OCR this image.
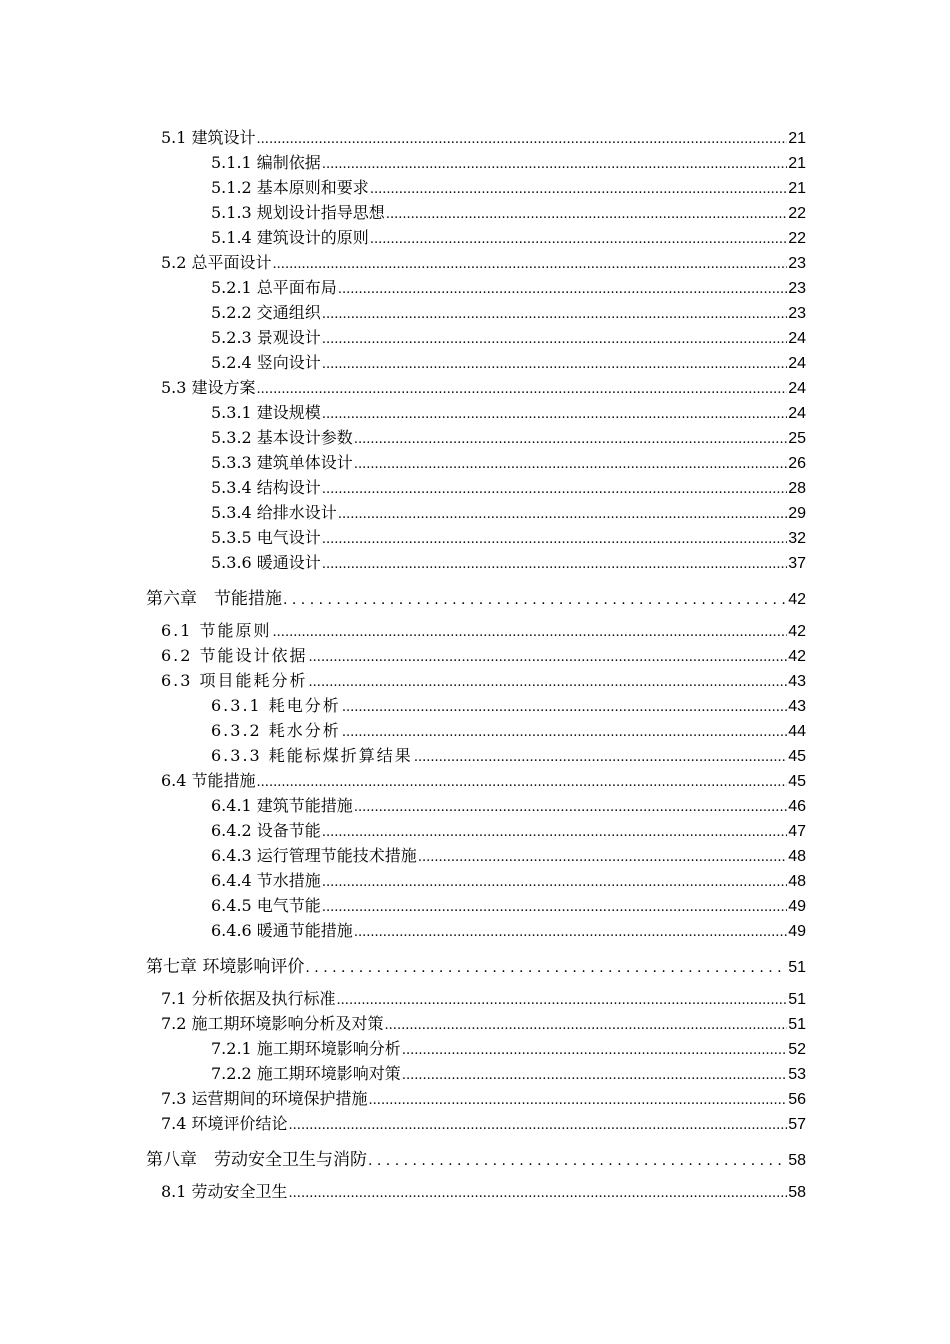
5.1 建筑设计 .....	21
5.1.1 编制依据 .....	21
5.1.2 基本原则和要求 .....	21
5.1.3 规划设计指导思想 .....	22
5.1.4 建筑设计的原则 .....	22
5.2 总平面设计 .....	23
5.2.1 总平面布局 .....	23
5.2.2 交通组织 .....	23
5.2.3 景观设计 .....	24
5.2.4 竖向设计 .....	24
5.3 建设方案 .....	24
5.3.1 建设规模 .....	24
5.3.2 基本设计参数 .....	25
5.3.3 建筑单体设计 .....	26
5.3.4 结构设计 .....	28
5.3.4 给排水设计 .....	29
5.3.5 电气设计 .....	32
5.3.6 暖通设计 .....	37
第六章　节能措施 . . .	42
6.1 节能原则 .....	42
6.2 节能设计依据 .....	42
6.3 项目能耗分析 .....	43
6.3.1 耗电分析 .....	43
6.3.2 耗水分析 .....	44
6.3.3 耗能标煤折算结果 .....	45
6.4 节能措施 .....	45
6.4.1 建筑节能措施 .....	46
6.4.2 设备节能 .....	47
6.4.3 运行管理节能技术措施 .....	48
6.4.4 节水措施 .....	48
6.4.5 电气节能 .....	49
6.4.6 暖通节能措施 .....	49
第七章 环境影响评价 . . .	51
7.1 分析依据及执行标准 .....	51
7.2 施工期环境影响分析及对策 .....	51
7.2.1 施工期环境影响分析 .....	52
7.2.2 施工期环境影响对策 .....	53
7.3 运营期间的环境保护措施 .....	56
7.4 环境评价结论 .....	57
第八章　劳动安全卫生与消防 . . .	58
8.1 劳动安全卫生 .....	58
